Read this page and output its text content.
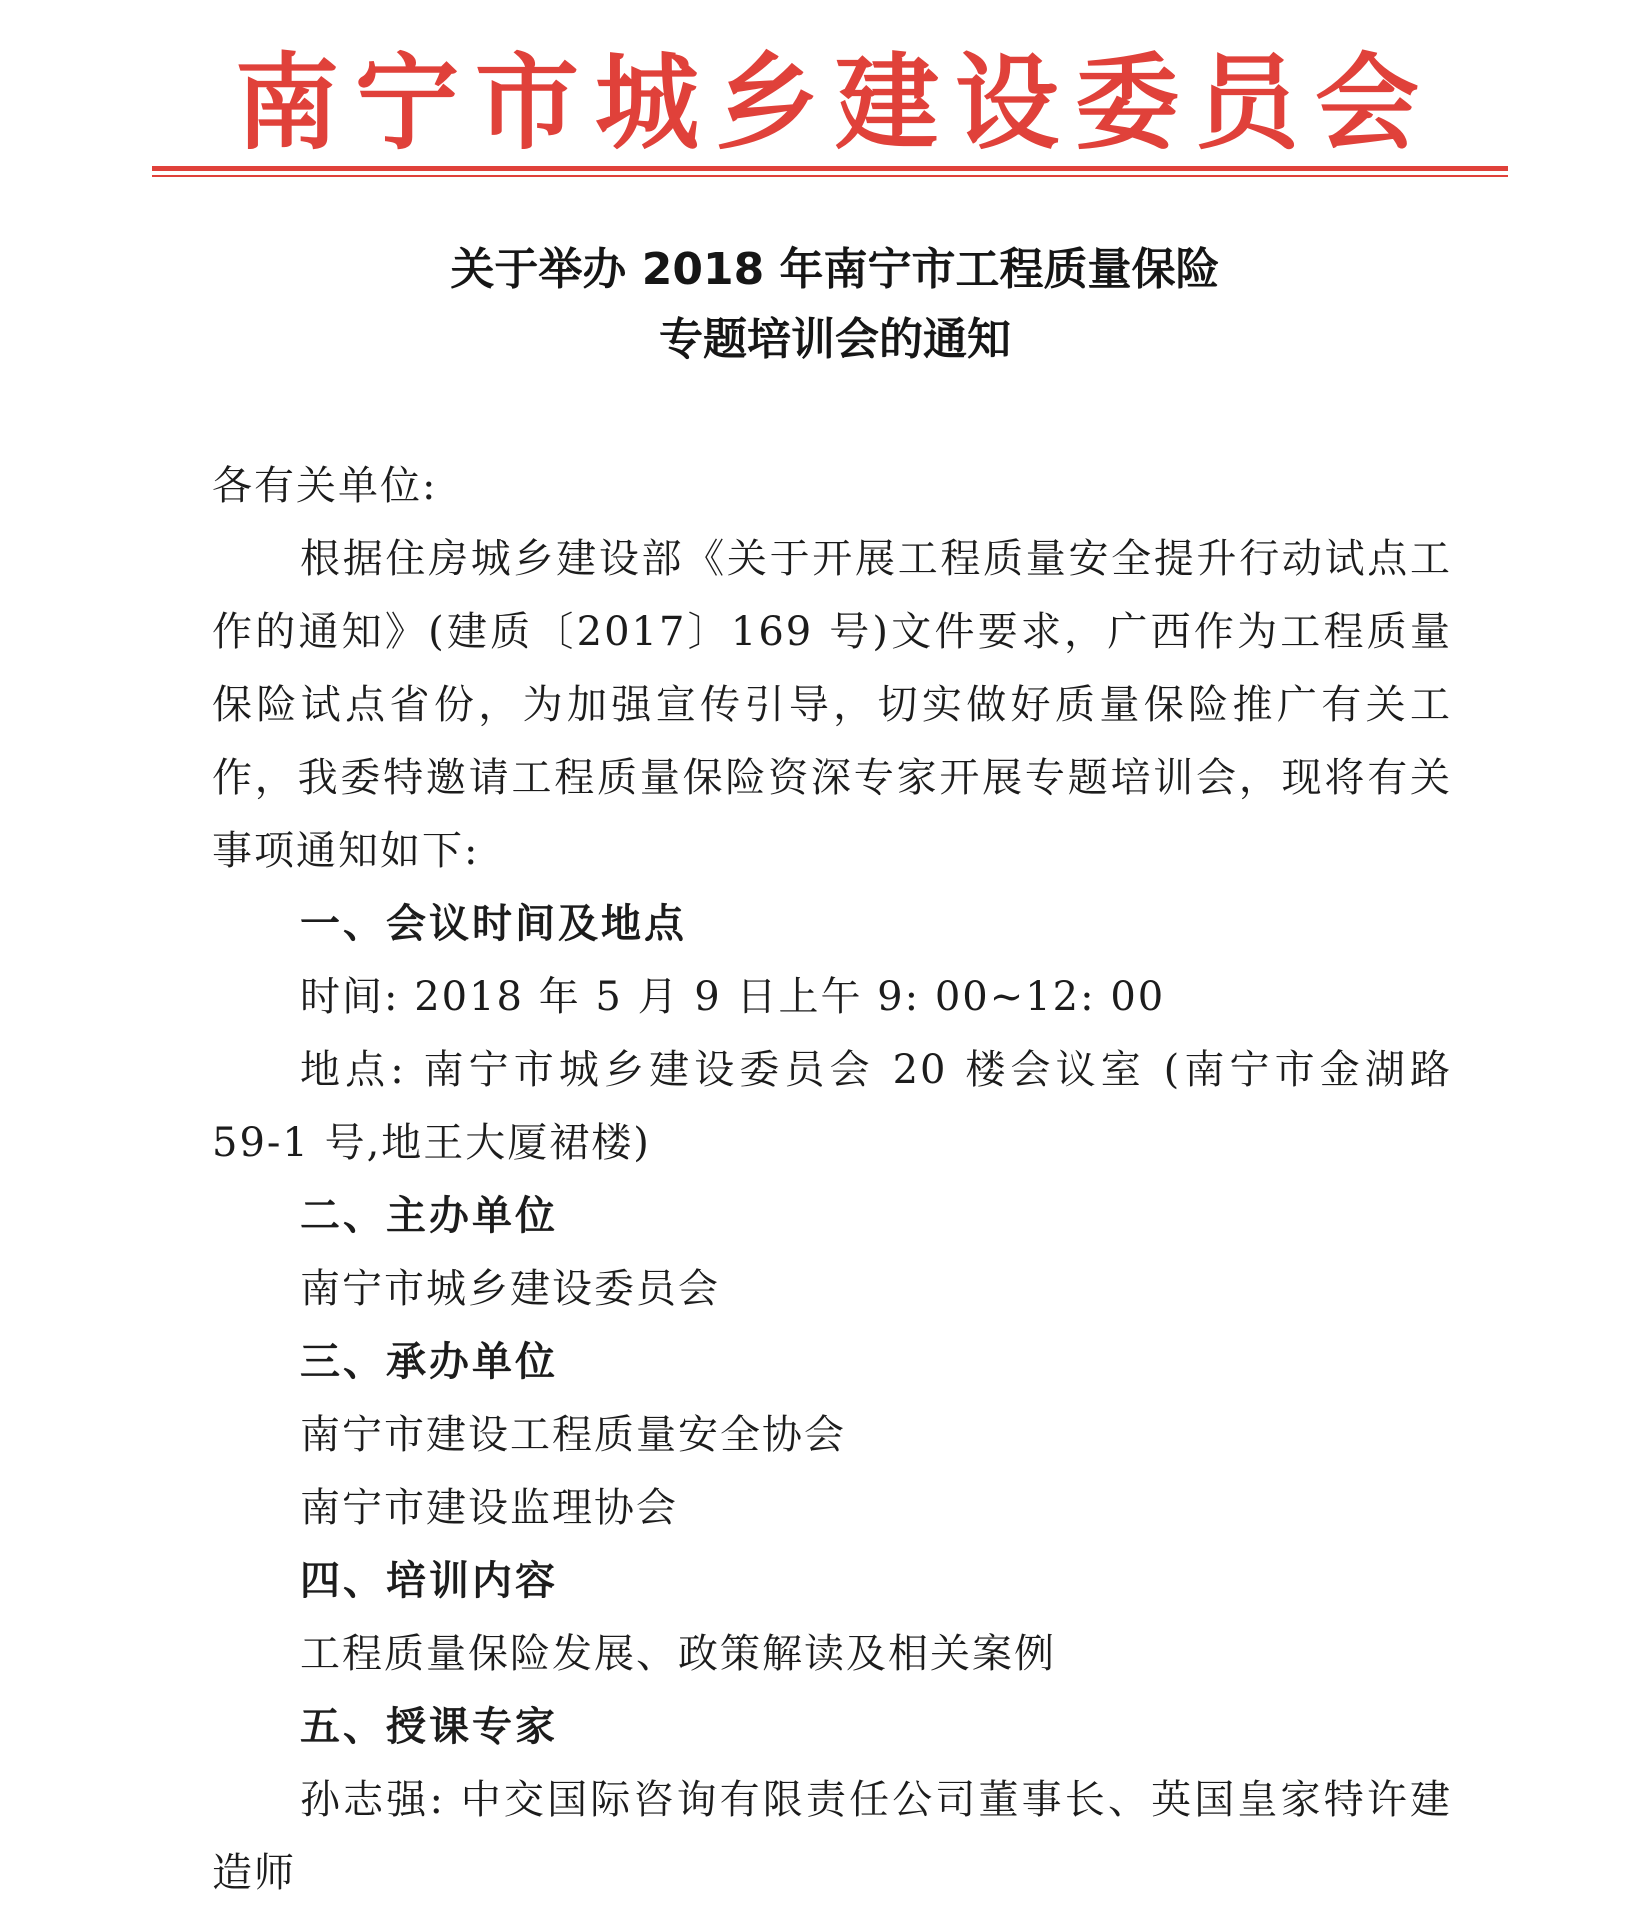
南宁市城乡建设委员会
关于举办 2018 年南宁市工程质量保险
专题培训会的通知

各有关单位:

根据住房城乡建设部《关于开展工程质量安全提升行动试点工作的通知》(建质〔2017〕169 号)文件要求，广西作为工程质量保险试点省份，为加强宣传引导，切实做好质量保险推广有关工作，我委特邀请工程质量保险资深专家开展专题培训会，现将有关事项通知如下:

一、会议时间及地点

时间: 2018 年 5 月 9 日上午 9: 00~12: 00

地点: 南宁市城乡建设委员会 20 楼会议室 (南宁市金湖路 59-1 号,地王大厦裙楼)

二、主办单位

南宁市城乡建设委员会

三、承办单位

南宁市建设工程质量安全协会

南宁市建设监理协会

四、培训内容

工程质量保险发展、政策解读及相关案例

五、授课专家

孙志强: 中交国际咨询有限责任公司董事长、英国皇家特许建造师
